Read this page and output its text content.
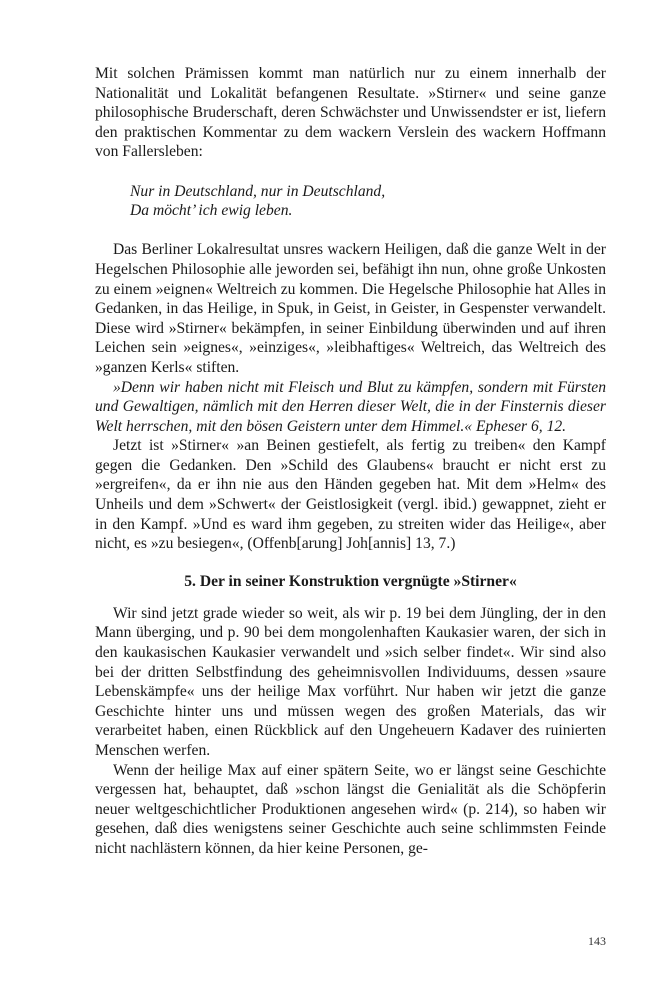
Mit solchen Prämissen kommt man natürlich nur zu einem innerhalb der Nationalität und Lokalität befangenen Resultate. »Stirner« und seine ganze philosophische Bruderschaft, deren Schwächster und Unwissendster er ist, liefern den praktischen Kommentar zu dem wackern Verslein des wackern Hoffmann von Fallersleben:

Nur in Deutschland, nur in Deutschland,
Da möcht’ ich ewig leben.

Das Berliner Lokalresultat unsres wackern Heiligen, daß die ganze Welt in der Hegelschen Philosophie alle jeworden sei, befähigt ihn nun, ohne große Unkosten zu einem »eignen« Weltreich zu kommen. Die Hegelsche Philosophie hat Alles in Gedanken, in das Heilige, in Spuk, in Geist, in Geister, in Gespenster verwandelt. Diese wird »Stirner« bekämpfen, in seiner Einbildung überwinden und auf ihren Leichen sein »eignes«, »einziges«, »leibhaftiges« Weltreich, das Weltreich des »ganzen Kerls« stiften.

»Denn wir haben nicht mit Fleisch und Blut zu kämpfen, sondern mit Fürsten und Gewaltigen, nämlich mit den Herren dieser Welt, die in der Finsternis dieser Welt herrschen, mit den bösen Geistern unter dem Himmel.« Epheser 6, 12.

Jetzt ist »Stirner« »an Beinen gestiefelt, als fertig zu treiben« den Kampf gegen die Gedanken. Den »Schild des Glaubens« braucht er nicht erst zu »ergreifen«, da er ihn nie aus den Händen gegeben hat. Mit dem »Helm« des Unheils und dem »Schwert« der Geistlosigkeit (vergl. ibid.) gewappnet, zieht er in den Kampf. »Und es ward ihm gegeben, zu streiten wider das Heilige«, aber nicht, es »zu besiegen«, (Offenb[arung] Joh[annis] 13, 7.)

5. Der in seiner Konstruktion vergnügte »Stirner«

Wir sind jetzt grade wieder so weit, als wir p. 19 bei dem Jüngling, der in den Mann überging, und p. 90 bei dem mongolenhaften Kaukasier waren, der sich in den kaukasischen Kaukasier verwandelt und »sich selber findet«. Wir sind also bei der dritten Selbstfindung des geheimnisvollen Individuums, dessen »saure Lebenskämpfe« uns der heilige Max vorführt. Nur haben wir jetzt die ganze Geschichte hinter uns und müssen wegen des großen Materials, das wir verarbeitet haben, einen Rückblick auf den Ungeheuern Kadaver des ruinierten Menschen werfen.

Wenn der heilige Max auf einer spätern Seite, wo er längst seine Geschichte vergessen hat, behauptet, daß »schon längst die Genialität als die Schöpferin neuer weltgeschichtlicher Produktionen angesehen wird« (p. 214), so haben wir gesehen, daß dies wenigstens seiner Geschichte auch seine schlimmsten Feinde nicht nachlästern können, da hier keine Personen, ge-

143
